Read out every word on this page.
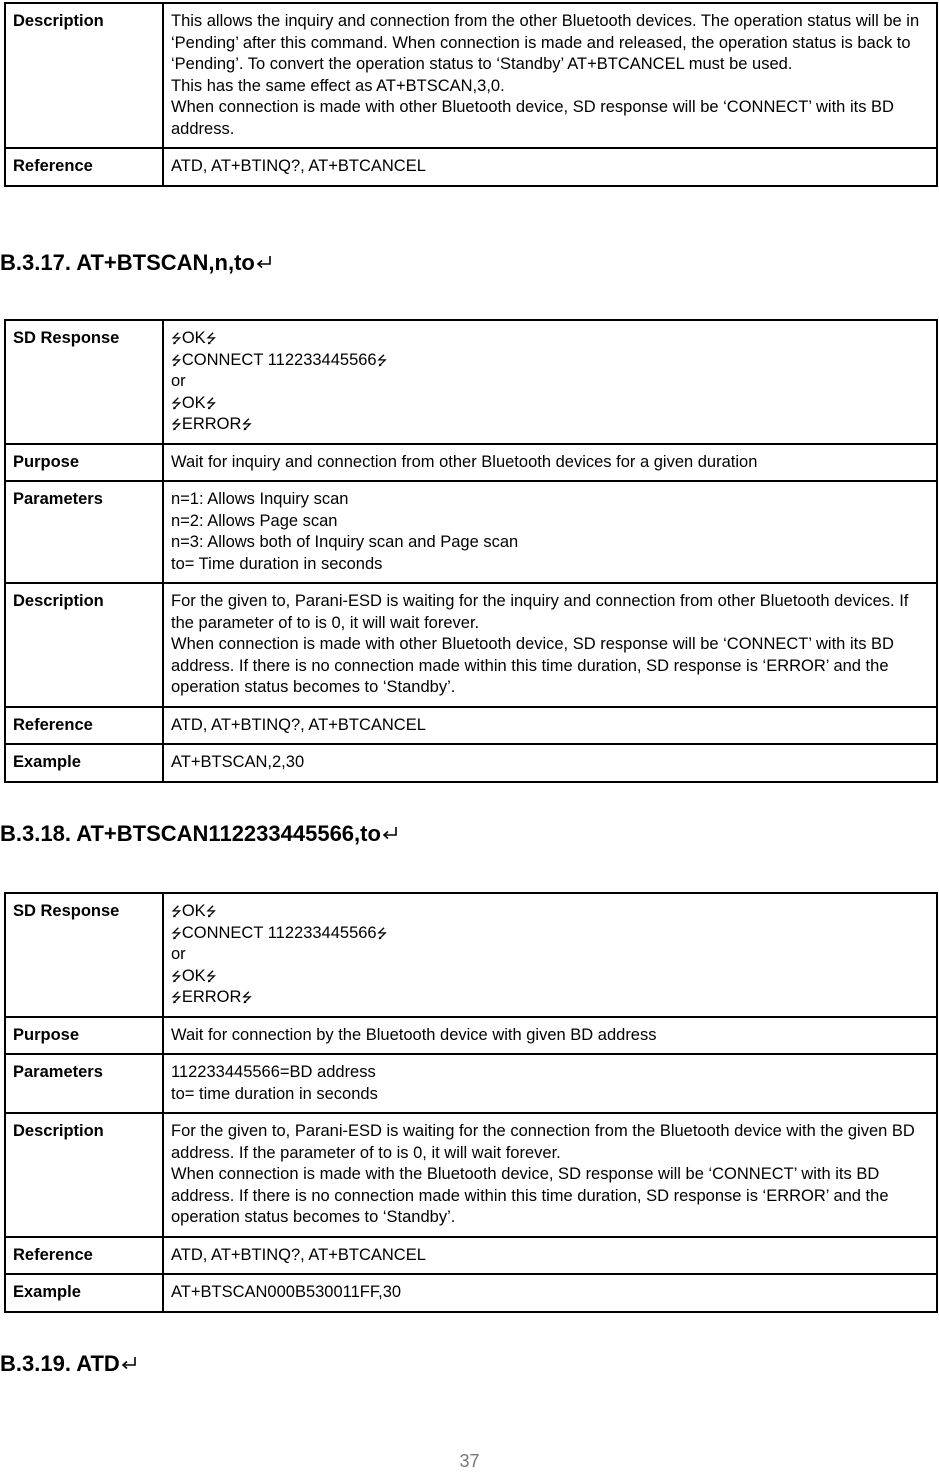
Description	This allows the inquiry and connection from the other Bluetooth devices. The operation status will be in ‘Pending’ after this command. When connection is made and released, the operation status is back to ‘Pending’. To convert the operation status to ‘Standby’ AT+BTCANCEL must be used.
This has the same effect as AT+BTSCAN,3,0.
When connection is made with other Bluetooth device, SD response will be ‘CONNECT’ with its BD address.

Reference	ATD, AT+BTINQ?, AT+BTCANCEL
B.3.17. AT+BTSCAN,n,to
SD Response	⭍OK⭍
⭍CONNECT 112233445566⭍
or
⭍OK⭍
⭍ERROR⭍

Purpose	Wait for inquiry and connection from other Bluetooth devices for a given duration
Parameters	n=1: Allows Inquiry scan
n=2: Allows Page scan
n=3: Allows both of Inquiry scan and Page scan
to= Time duration in seconds

Description	For the given to, Parani-ESD is waiting for the inquiry and connection from other Bluetooth devices. If the parameter of to is 0, it will wait forever.
When connection is made with other Bluetooth device, SD response will be ‘CONNECT’ with its BD address. If there is no connection made within this time duration, SD response is ‘ERROR’ and the operation status becomes to ‘Standby’.

Reference	ATD, AT+BTINQ?, AT+BTCANCEL
Example	AT+BTSCAN,2,30
B.3.18. AT+BTSCAN112233445566,to
SD Response	⭍OK⭍
⭍CONNECT 112233445566⭍
or
⭍OK⭍
⭍ERROR⭍

Purpose	Wait for connection by the Bluetooth device with given BD address
Parameters	112233445566=BD address
to= time duration in seconds

Description	For the given to, Parani-ESD is waiting for the connection from the Bluetooth device with the given BD address. If the parameter of to is 0, it will wait forever.
When connection is made with the Bluetooth device, SD response will be ‘CONNECT’ with its BD address. If there is no connection made within this time duration, SD response is ‘ERROR’ and the operation status becomes to ‘Standby’.

Reference	ATD, AT+BTINQ?, AT+BTCANCEL
Example	AT+BTSCAN000B530011FF,30
B.3.19. ATD
37
